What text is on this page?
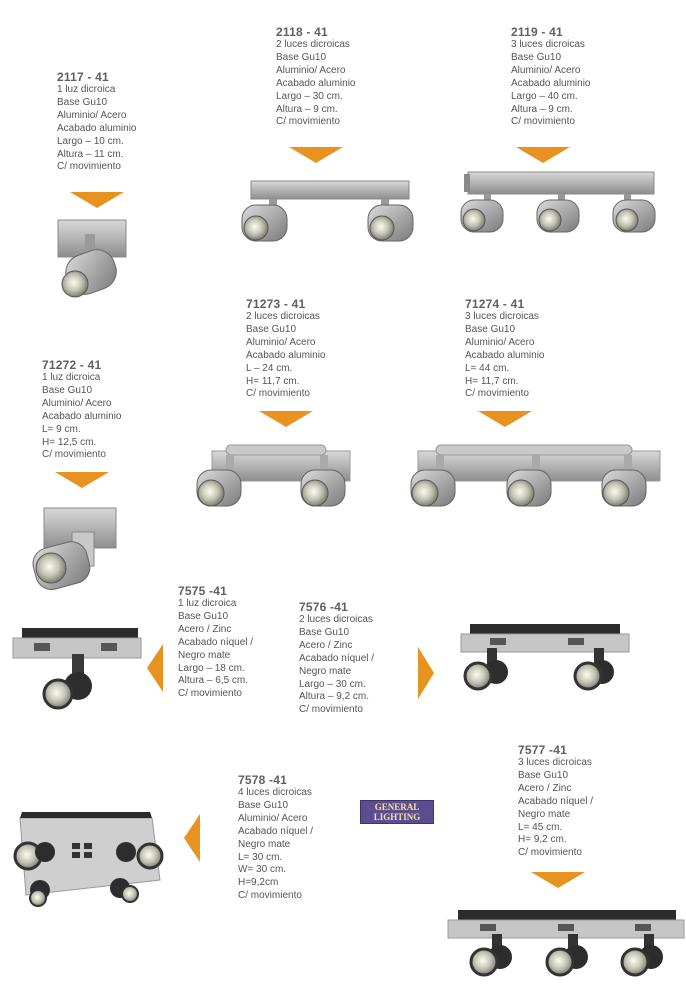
2117 - 41
1 luz dicroica
Base Gu10
Aluminio/ Acero
Acabado aluminio
Largo – 10 cm.
Altura – 11 cm.
C/ movimiento
2118 - 41
2 luces dicroicas
Base Gu10
Aluminio/ Acero
Acabado aluminio
Largo – 30 cm.
Altura – 9 cm.
C/ movimiento
2119 - 41
3 luces dicroicas
Base Gu10
Aluminio/ Acero
Acabado aluminio
Largo – 40 cm.
Altura – 9 cm.
C/ movimiento
71272 - 41
1 luz dicroica
Base Gu10
Aluminio/ Acero
Acabado aluminio
L= 9 cm.
H= 12,5 cm.
C/ movimiento
71273 - 41
2 luces dicroicas
Base Gu10
Aluminio/ Acero
Acabado aluminio
L – 24 cm.
H= 11,7 cm.
C/ movimiento
71274 - 41
3 luces dicroicas
Base Gu10
Aluminio/ Acero
Acabado aluminio
L= 44 cm.
H= 11,7 cm.
C/ movimiento
7575 -41
1 luz dicroica
Base Gu10
Acero / Zinc
Acabado níquel /
Negro mate
Largo – 18 cm.
Altura – 6,5 cm.
C/ movimiento
7576 -41
2 luces dicroicas
Base Gu10
Acero / Zinc
Acabado níquel /
Negro mate
Largo – 30 cm.
Altura – 9,2 cm.
C/ movimiento
7577 -41
3 luces dicroicas
Base Gu10
Acero / Zinc
Acabado níquel /
Negro mate
L= 45 cm.
H= 9,2 cm.
C/ movimiento
7578 -41
4 luces dicroicas
Base Gu10
Aluminio/ Acero
Acabado níquel /
Negro mate
L= 30 cm.
W= 30 cm.
H=9,2cm
C/ movimiento
GENERAL
LIGHTING
